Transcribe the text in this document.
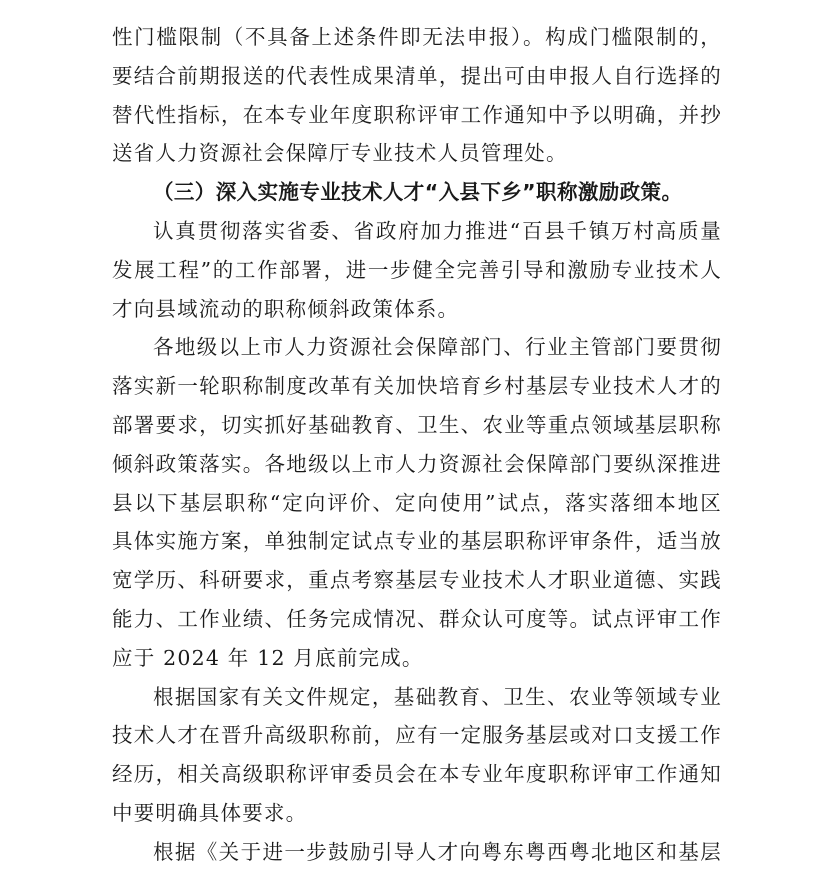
性门槛限制（不具备上述条件即无法申报）。构成门槛限制的，
要结合前期报送的代表性成果清单，提出可由申报人自行选择的
替代性指标，在本专业年度职称评审工作通知中予以明确，并抄
送省人力资源社会保障厅专业技术人员管理处。
（三）深入实施专业技术人才“入县下乡”职称激励政策。
认真贯彻落实省委、省政府加力推进“百县千镇万村高质量
发展工程”的工作部署，进一步健全完善引导和激励专业技术人
才向县域流动的职称倾斜政策体系。
各地级以上市人力资源社会保障部门、行业主管部门要贯彻
落实新一轮职称制度改革有关加快培育乡村基层专业技术人才的
部署要求，切实抓好基础教育、卫生、农业等重点领域基层职称
倾斜政策落实。各地级以上市人力资源社会保障部门要纵深推进
县以下基层职称“定向评价、定向使用”试点，落实落细本地区
具体实施方案，单独制定试点专业的基层职称评审条件，适当放
宽学历、科研要求，重点考察基层专业技术人才职业道德、实践
能力、工作业绩、任务完成情况、群众认可度等。试点评审工作
应于 2024 年 12 月底前完成。
根据国家有关文件规定，基础教育、卫生、农业等领域专业
技术人才在晋升高级职称前，应有一定服务基层或对口支援工作
经历，相关高级职称评审委员会在本专业年度职称评审工作通知
中要明确具体要求。
根据《关于进一步鼓励引导人才向粤东粤西粤北地区和基层
